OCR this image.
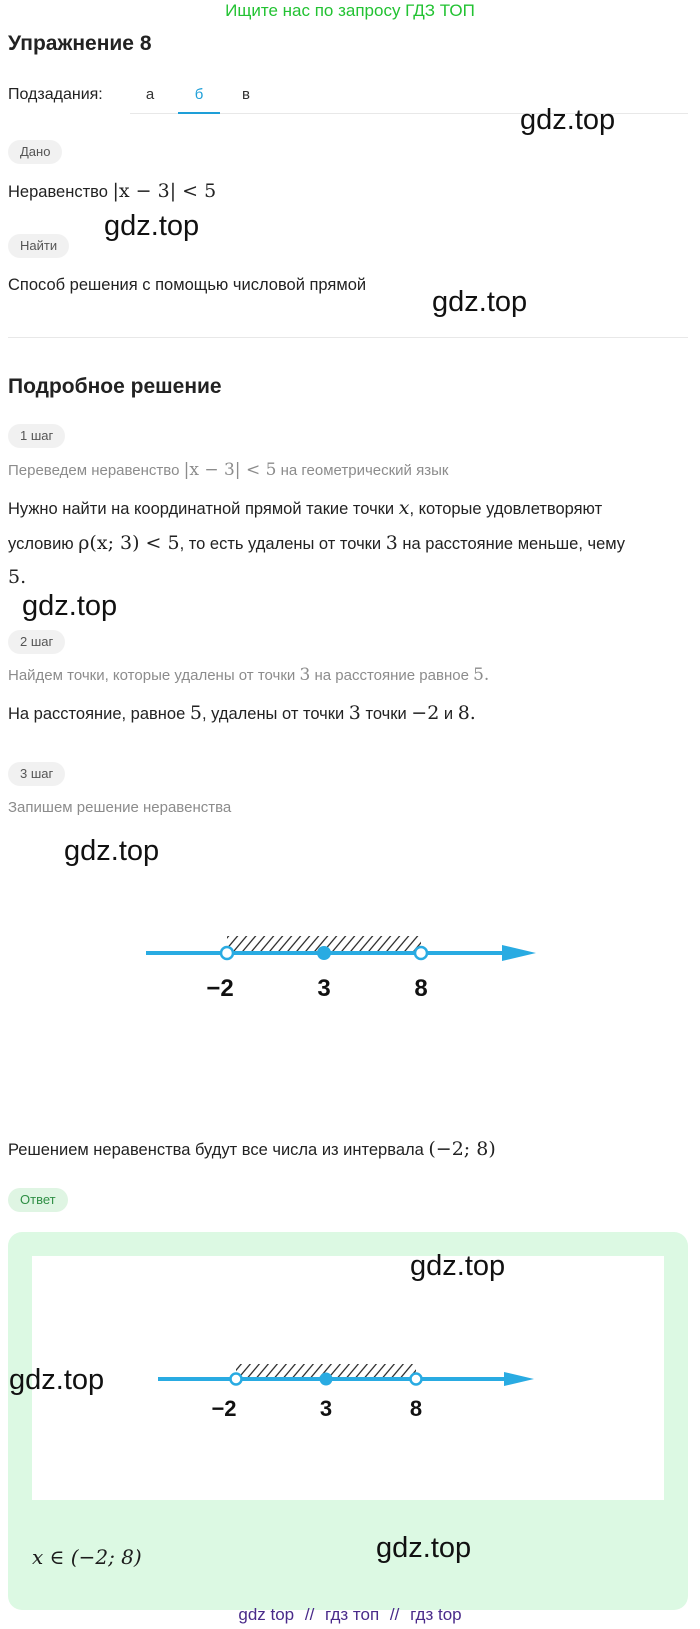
Ищите нас по запросу ГДЗ ТОП
Упражнение 8
Подзадания:	а	б	в
Дано
Неравенство |x − 3| < 5
Найти
Способ решения с помощью числовой прямой
Подробное решение
1 шаг
Переведем неравенство |x − 3| < 5 на геометрический язык
Нужно найти на координатной прямой такие точки x, которые удовлетворяют
условию ρ(x; 3) < 5, то есть удалены от точки 3 на расстояние меньше, чему
5.
2 шаг
Найдем точки, которые удалены от точки 3 на расстояние равное 5.
На расстояние, равное 5, удалены от точки 3 точки −2 и 8.
3 шаг
Запишем решение неравенства
−2	3	8
Решением неравенства будут все числа из интервала (−2; 8)
Ответ
−2	3	8
x ∈ (−2; 8)
gdz.top
gdz.top
gdz.top
gdz.top
gdz.top
gdz.top
gdz.top
gdz.top
gdz top // гдз топ // гдз top
